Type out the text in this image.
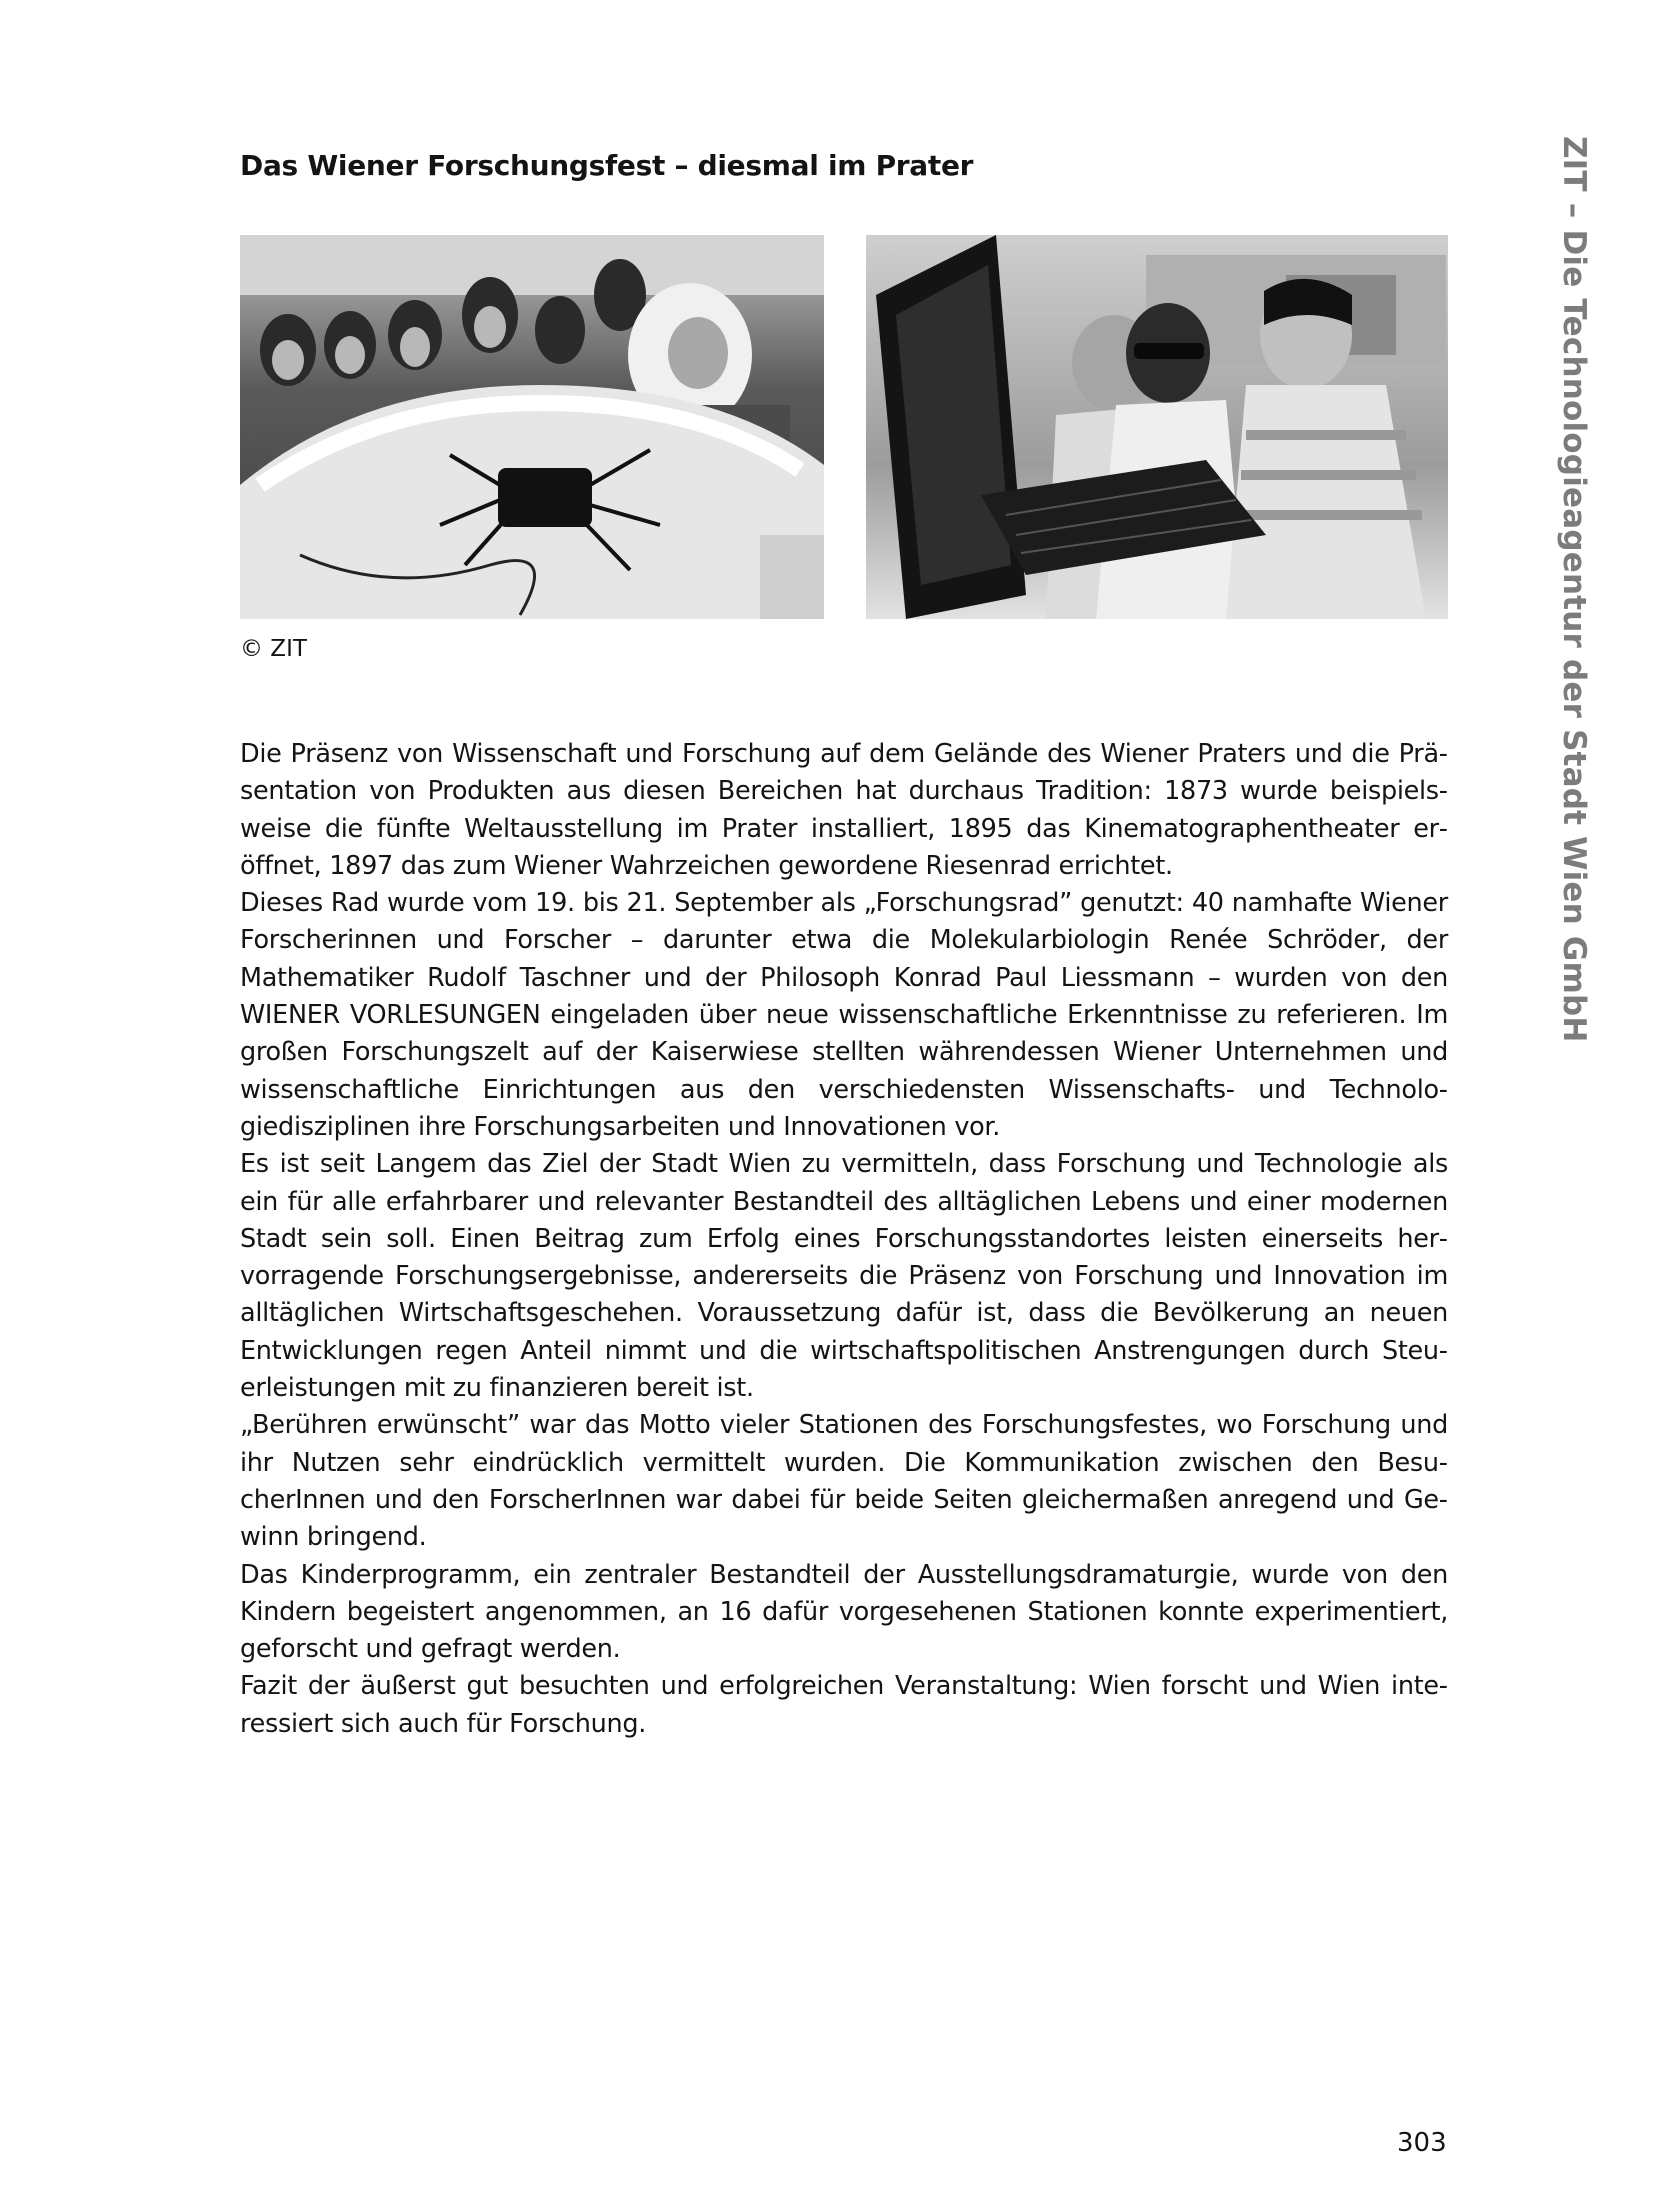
Das Wiener Forschungsfest – diesmal im Prater
© ZIT

Die Präsenz von Wissenschaft und Forschung auf dem Gelände des Wiener Praters und die Präsentation von Produkten aus diesen Bereichen hat durchaus Tradition: 1873 wurde beispielsweise die fünfte Weltausstellung im Prater installiert, 1895 das Kinematographentheater eröffnet, 1897 das zum Wiener Wahrzeichen gewordene Riesenrad errichtet.

Dieses Rad wurde vom 19. bis 21. September als „Forschungsrad” genutzt: 40 namhafte Wiener Forscherinnen und Forscher – darunter etwa die Molekularbiologin Renée Schröder, der Mathematiker Rudolf Taschner und der Philosoph Konrad Paul Liessmann – wurden von den WIENER VORLESUNGEN eingeladen über neue wissenschaftliche Erkenntnisse zu referieren. Im großen Forschungszelt auf der Kaiserwiese stellten währendessen Wiener Unternehmen und wissenschaftliche Einrichtungen aus den verschiedensten Wissenschafts- und Technologiedisziplinen ihre Forschungsarbeiten und Innovationen vor.

Es ist seit Langem das Ziel der Stadt Wien zu vermitteln, dass Forschung und Technologie als ein für alle erfahrbarer und relevanter Bestandteil des alltäglichen Lebens und einer modernen Stadt sein soll. Einen Beitrag zum Erfolg eines Forschungsstandortes leisten einerseits hervorragende Forschungsergebnisse, andererseits die Präsenz von Forschung und Innovation im alltäglichen Wirtschaftsgeschehen. Voraussetzung dafür ist, dass die Bevölkerung an neuen Entwicklungen regen Anteil nimmt und die wirtschaftspolitischen Anstrengungen durch Steuerleistungen mit zu finanzieren bereit ist.

„Berühren erwünscht” war das Motto vieler Stationen des Forschungsfestes, wo Forschung und ihr Nutzen sehr eindrücklich vermittelt wurden. Die Kommunikation zwischen den BesucherInnen und den ForscherInnen war dabei für beide Seiten gleichermaßen anregend und Gewinn bringend.

Das Kinderprogramm, ein zentraler Bestandteil der Ausstellungsdramaturgie, wurde von den Kindern begeistert angenommen, an 16 dafür vorgesehenen Stationen konnte experimentiert, geforscht und gefragt werden.

Fazit der äußerst gut besuchten und erfolgreichen Veranstaltung: Wien forscht und Wien interessiert sich auch für Forschung.

ZIT – Die Technologieagentur der Stadt Wien GmbH
303
